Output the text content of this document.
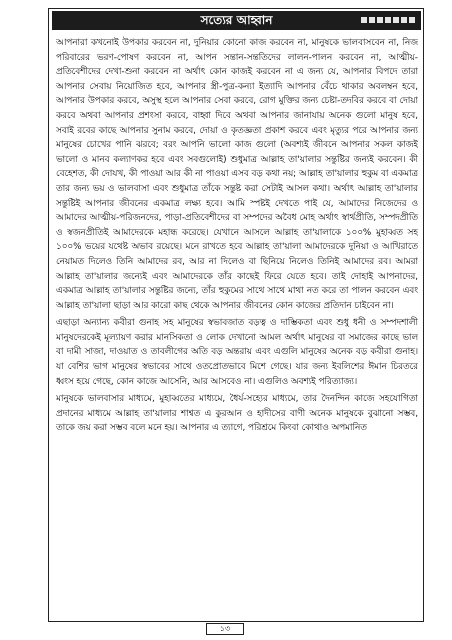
সত্যের আহ্বান

আপনারা কখনোই উপকার করবেন না, দুনিয়ার কোনো কাজ করবেন না, মানুষকে ভালবাসবেন না, নিজ পরিবারের ভরণ-পোষণ করবেন না, আপন সন্তান-সন্ততিদের লালন-পালন করবেন না, আত্মীয়-প্রতিবেশীদের দেখা-শুনা করবেন না অর্থাৎ কোন কাজই করবেন না এ জন্য যে, আপনার বিপদে তারা আপনার সেবায় নিয়োজিত হবে, আপনার স্ত্রী-পুত্র-কন্যা ইত্যাদি আপনার বেঁচে থাকার অবলম্বন হবে, আপনার উপকার করবে, অসুস্থ হলে আপনার সেবা করবে, রোগ মুক্তির জন্য চেষ্টা-তদবির করবে বা দোয়া করবে অথবা আপনার প্রশংসা করবে, বাহ্বা দিবে অথবা আপনার জানাযায় অনেক গুলো মানুষ হবে, সবাই রবের কাছে আপনার সুনাম করবে, দোয়া ও কৃতজ্ঞতা প্রকাশ করবে এবং মৃত্যুর পরে আপনার জন্য মানুষের চোখের পানি ঝরবে; বরং আপনি ভালো কাজ গুলো (অবশ্যই জীবনে আপনার সকল কাজই ভালো ও মানব কল্যাণকর হবে এবং সবগুলোই) শুধুমাত্র আল্লাহ তা'য়ালার সন্তুষ্টির জন্যই করবেন। কী বেহেশত, কী দোযখ, কী পাওয়া আর কী না পাওয়া এসব বড় কথা নয়; আল্লাহ তা'য়ালার হুকুম বা একমাত্র তার জন্য ভয় ও ভালবাসা এবং শুধুমাত্র তাঁকে সন্তুষ্ট করা সেটাই আসল কথা। অর্থাৎ আল্লাহ তা'য়ালার সন্তুষ্টিই আপনার জীবনের একমাত্র লক্ষ্য হবে। আমি স্পষ্টই দেখতে পাই যে, আমাদের নিজেদের ও আমাদের আত্মীয়-পরিজনদের, পাড়া-প্রতিবেশীদের বা সম্পদের অবৈধ মোহ অর্থাৎ স্বার্থপ্রীতি, সম্পদপ্রীতি ও স্বজনপ্রীতিই আমাদেরকে মহান্ধ করেছে। যেখানে আসলে আল্লাহ তা'য়ালাকে ১০০% মুহাব্বত সহ ১০০% ভয়ের যথেষ্ট অভাব রয়েছে। মনে রাখতে হবে আল্লাহ তা'য়ালা আমাদেরকে দুনিয়া ও আখিরাতে নেয়ামত দিলেও তিনি আমাদের রব, আর না দিলেও বা ছিনিয়ে নিলেও তিনিই আমাদের রব। আমরা আল্লাহ তা'য়ালার জন্যেই এবং আমাদেরকে তাঁর কাছেই ফিরে যেতে হবে। তাই দোহাই আপনাদের, একমাত্র আল্লাহ তা'য়ালার সন্তুষ্টির জন্যে, তাঁর হুকুমের সাথে সাথে মাথা নত করে তা পালন করবেন এবং আল্লাহ তা'য়ালা ছাড়া আর কারো কাছ থেকে আপনার জীবনের কোন কাজের প্রতিদান চাইবেন না।

এছাড়া অন্যান্য কবীরা গুনাহ সহ মানুষের স্বভাবজাত বড়ত্ব ও দাম্ভিকতা এবং শুধু ধনী ও সম্পদশালী মানুষদেরকেই মূল্যায়ণ করার মানসিকতা ও লোক দেখানো আমল অর্থাৎ মানুষের বা সমাজের কাছে ভাল বা দামী সাজা, দাওয়াত ও তাবলীগের অতি বড় অন্তরায় এবং এগুলি মানুষের অনেক বড় কবীরা গুনাহ। যা বেশির ভাগ মানুষের স্বভাবের সাথে ওতপ্রোতভাবে মিশে গেছে। যার জন্য ইবলিশের ঈমান চিরতরে ধ্বংস হয়ে গেছে, কোন কাজে আসেনি, আর আসবেও না। এগুলিও অবশ্যই পরিত্যাজ্য।

মানুষকে ভালবাসার মাধ্যমে, মুহাব্বতের মাধ্যমে, ধৈর্য-সহ্যের মাধ্যমে, তার দৈনন্দিন কাজে সহযোগিতা প্রদানের মাধ্যমে আল্লাহ তা'য়ালার শাশ্বত এ কুরআন ও হাদীসের বাণী অনেক মানুষকে বুঝানো সম্ভব, তাকে জয় করা সম্ভব বলে মনে হয়। আপনার এ ত্যাগে, পরিশ্রমে কিংবা কোথাও অপমানিত

১৩
